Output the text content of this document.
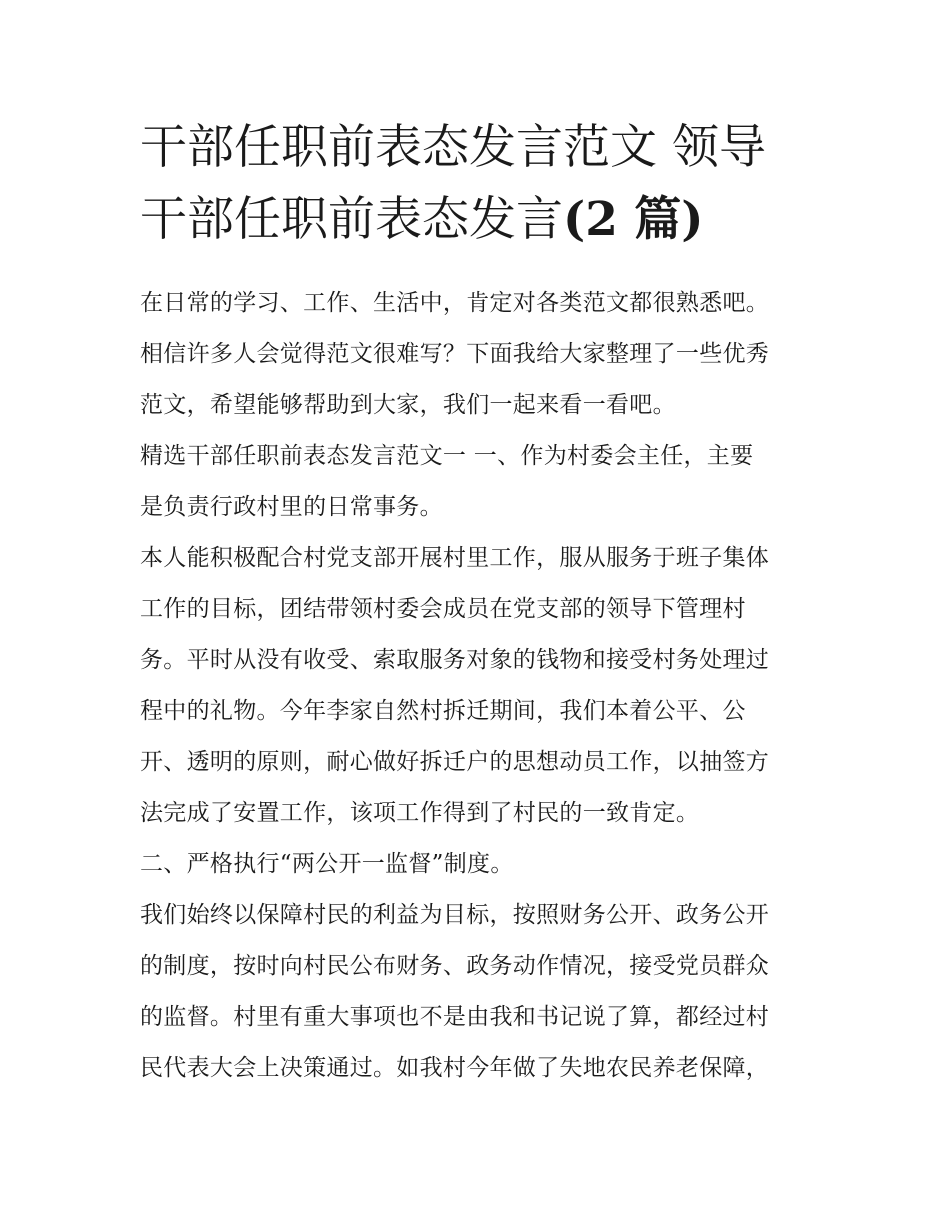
干部任职前表态发言范文 领导
干部任职前表态发言(2 篇)

在日常的学习、工作、生活中，肯定对各类范文都很熟悉吧。
相信许多人会觉得范文很难写？下面我给大家整理了一些优秀
范文，希望能够帮助到大家，我们一起来看一看吧。

精选干部任职前表态发言范文一 一、作为村委会主任，主要
是负责行政村里的日常事务。

本人能积极配合村党支部开展村里工作，服从服务于班子集体
工作的目标，团结带领村委会成员在党支部的领导下管理村
务。平时从没有收受、索取服务对象的钱物和接受村务处理过
程中的礼物。今年李家自然村拆迁期间，我们本着公平、公
开、透明的原则，耐心做好拆迁户的思想动员工作，以抽签方
法完成了安置工作，该项工作得到了村民的一致肯定。

二、严格执行“两公开一监督”制度。

我们始终以保障村民的利益为目标，按照财务公开、政务公开
的制度，按时向村民公布财务、政务动作情况，接受党员群众
的监督。村里有重大事项也不是由我和书记说了算，都经过村
民代表大会上决策通过。如我村今年做了失地农民养老保障，
